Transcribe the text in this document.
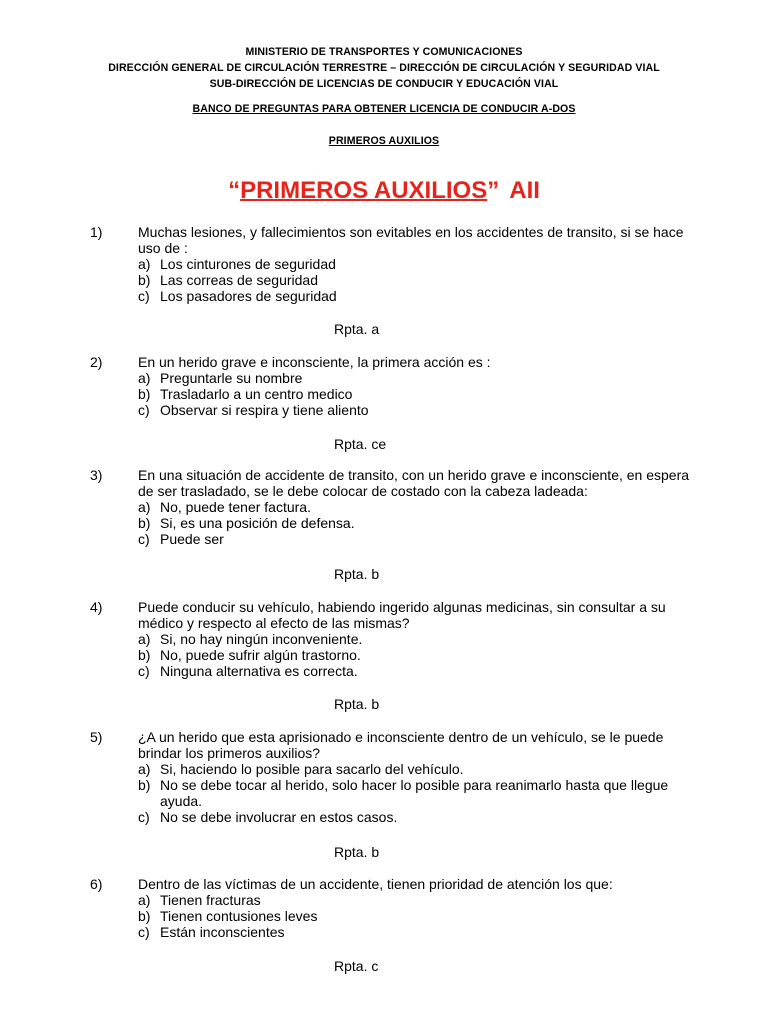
MINISTERIO DE TRANSPORTES Y COMUNICACIONES
DIRECCIÓN GENERAL DE CIRCULACIÓN TERRESTRE – DIRECCIÓN DE CIRCULACIÓN Y SEGURIDAD VIAL
SUB-DIRECCIÓN DE LICENCIAS DE CONDUCIR Y EDUCACIÓN VIAL
BANCO DE PREGUNTAS PARA OBTENER LICENCIA DE CONDUCIR A-DOS
PRIMEROS AUXILIOS
“PRIMEROS AUXILIOS” AII
1)	Muchas lesiones, y fallecimientos son evitables en los accidentes de transito, si se hace uso de :
a) Los cinturones de seguridad
b) Las correas de seguridad
c) Los pasadores de seguridad
Rpta. a
2)	En un herido grave e inconsciente, la primera acción es :
a) Preguntarle su nombre
b) Trasladarlo a un centro medico
c) Observar si respira y tiene aliento
Rpta. ce
3)	En una situación de accidente de transito, con un herido grave e inconsciente, en espera de ser trasladado, se le debe colocar de costado con la cabeza ladeada:
a) No, puede tener factura.
b) Si, es una posición de defensa.
c) Puede ser
Rpta. b
4)	Puede conducir su vehículo, habiendo ingerido algunas medicinas, sin consultar a su médico y respecto al efecto de las mismas?
a) Si, no hay ningún inconveniente.
b) No, puede sufrir algún trastorno.
c) Ninguna alternativa es correcta.
Rpta. b
5)	¿A un herido que esta aprisionado e inconsciente dentro de un vehículo, se le puede brindar los primeros auxilios?
a) Si, haciendo lo posible para sacarlo del vehículo.
b) No se debe tocar al herido, solo hacer lo posible para reanimarlo hasta que llegue ayuda.
c) No se debe involucrar en estos casos.
Rpta. b
6)	Dentro de las víctimas de un accidente, tienen prioridad de atención los que:
a) Tienen fracturas
b) Tienen contusiones leves
c) Están inconscientes
Rpta. c
